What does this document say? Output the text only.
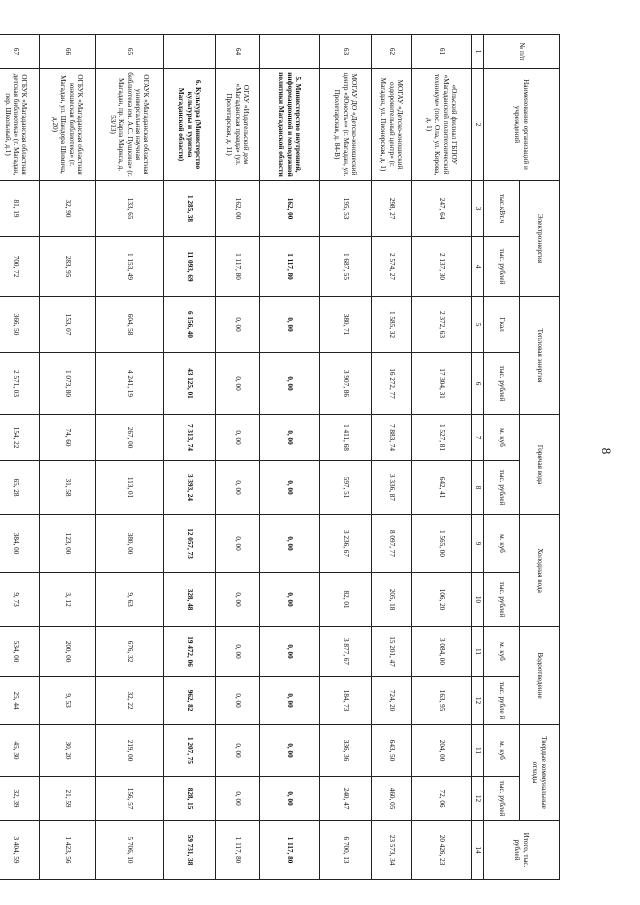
8
№ п/п	Наименование организаций и учреждений	Электроэнергия		Тепловая энергия		Горячая вода		Холодная вода		Водоотведение		Твердые коммунальные отходы		Итого, тыс. рублей
		тыс.кВт.ч	тыс. рублей	Гкал	тыс. рублей	м. куб	тыс. рублей	м. куб	тыс. рублей	м. куб	тыс. рубле й	м. куб	тыс. рублей	
1	2	3	4	5	6	7	8	9	10	11	12	11	12	14
61	«Ольский филиал ГБПОУ «Магаданский политехнический техникум» (пос. Ола, ул. Кирова, д. 1)	247, 64	2 137, 30	2 372, 63	17 304, 31	1 527, 81	642, 41	1 565, 00	106, 20	3 084, 00	163, 95	204, 00	72, 06	20 426, 23
62	МОГАУ «Детско-юношеский оздоровительный центр» (г. Магадан, ул. Пионерская, д. 1)	298, 27	2 574, 27	1 585, 32	16 272, 77	7 883, 74	3 336, 87	8 097, 77	205, 18	15 201, 47	724, 20	643, 50	460, 05	23 573, 34
63	МОГАУ ДО «Детско-юношеский центр «Юность»» (г. Магадан, ул. Пролетарская, д. 84-В)	195, 53	1 687, 55	380, 71	3 907, 86	1 411, 68	597, 51	3 236, 67	82, 01	3 877, 67	184, 73	336, 36	240, 47	6 700, 13
	5. Министерство внутренней, информационной и молодежной политики Магаданской области	162, 00	1 117, 80	0, 00	0, 00	0, 00	0, 00	0, 00	0, 00	0, 00	0, 00	0, 00	0, 00	1 117, 80
64	ОГАУ «Издательский дом «Магаданская правда» (ул. Пролетарская, д. 11)	162, 00	1 117, 80	0, 00	0, 00	0, 00	0, 00	0, 00	0, 00	0, 00	0, 00	0, 00	0, 00	1 117, 80
	6. Культура (Министерство культуры и туризма Магаданской области)	1 285, 38	11 093, 69	6 156, 40	43 125, 01	7 313, 74	3 393, 24	12 057, 73	328, 48	19 472, 06	962, 82	1 207, 75	828, 15	59 731, 38
65	ОГАУК «Магаданская областная универсальная научная библиотека им. А.С. Пушкина» (г. Магадан, пр. Карла Маркса, д. 53/13)	133, 65	1 153, 49	604, 58	4 241, 19	267, 00	113, 01	380, 00	9, 63	676, 32	32, 22	219, 00	156, 57	5 706, 10
66	ОГБУК «Магаданская областная юношеская библиотека» (г. Магадан, ул. Шандора Шимича, д.20)	32, 90	283, 95	153, 07	1 073, 80	74, 60	31, 58	123, 00	3, 12	200, 00	9, 53	30, 20	21, 59	1 423, 56
67	ОГБУК «Магаданская областная детская библиотека» (г. Магадан, пер. Школьный, д.1)	81, 19	700, 72	366, 50	2 571, 03	154, 22	65, 28	384, 00	9, 73	534, 00	25, 44	45, 30	32, 39	3 404, 59
